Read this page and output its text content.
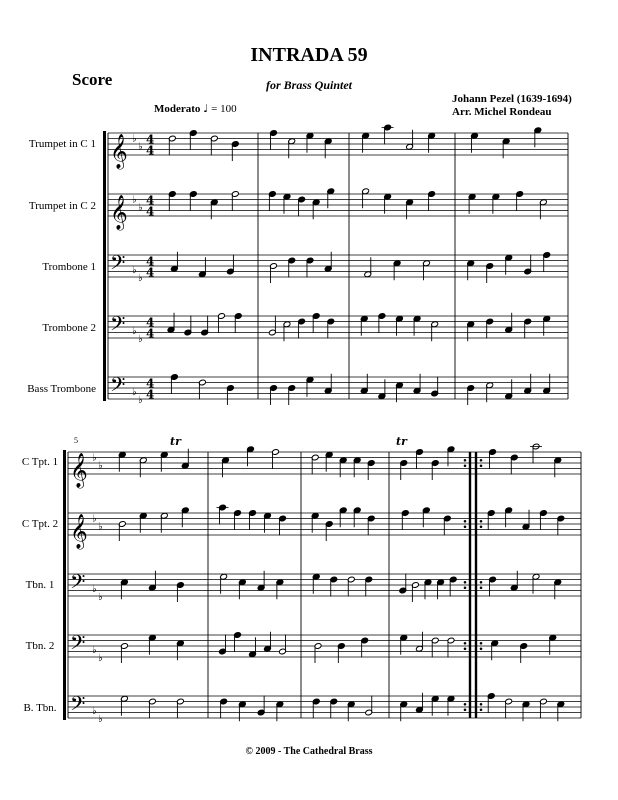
INTRADA 59
for Brass Quintet
Score
Johann Pezel (1639-1694)
Arr. Michel Rondeau
Moderato ♩ = 100
Trumpet in C 1
Trumpet in C 2
Trombone 1
Trombone 2
Bass Trombone
C Tpt. 1
C Tpt. 2
Tbn. 1
Tbn. 2
B. Tbn.
5
© 2009 - The Cathedral Brass
𝄞 ♭
♭
4
4
𝄞 ♭
♭
4
4
𝄢 ♭
♭
4
4
𝄢 ♭
♭
4
4
𝄢 ♭
♭
4
4
𝄞 ♭
♭
𝄞 ♭
♭
𝄢 ♭
♭
𝄢 ♭
♭
𝄢 ♭
♭
tr	tr
